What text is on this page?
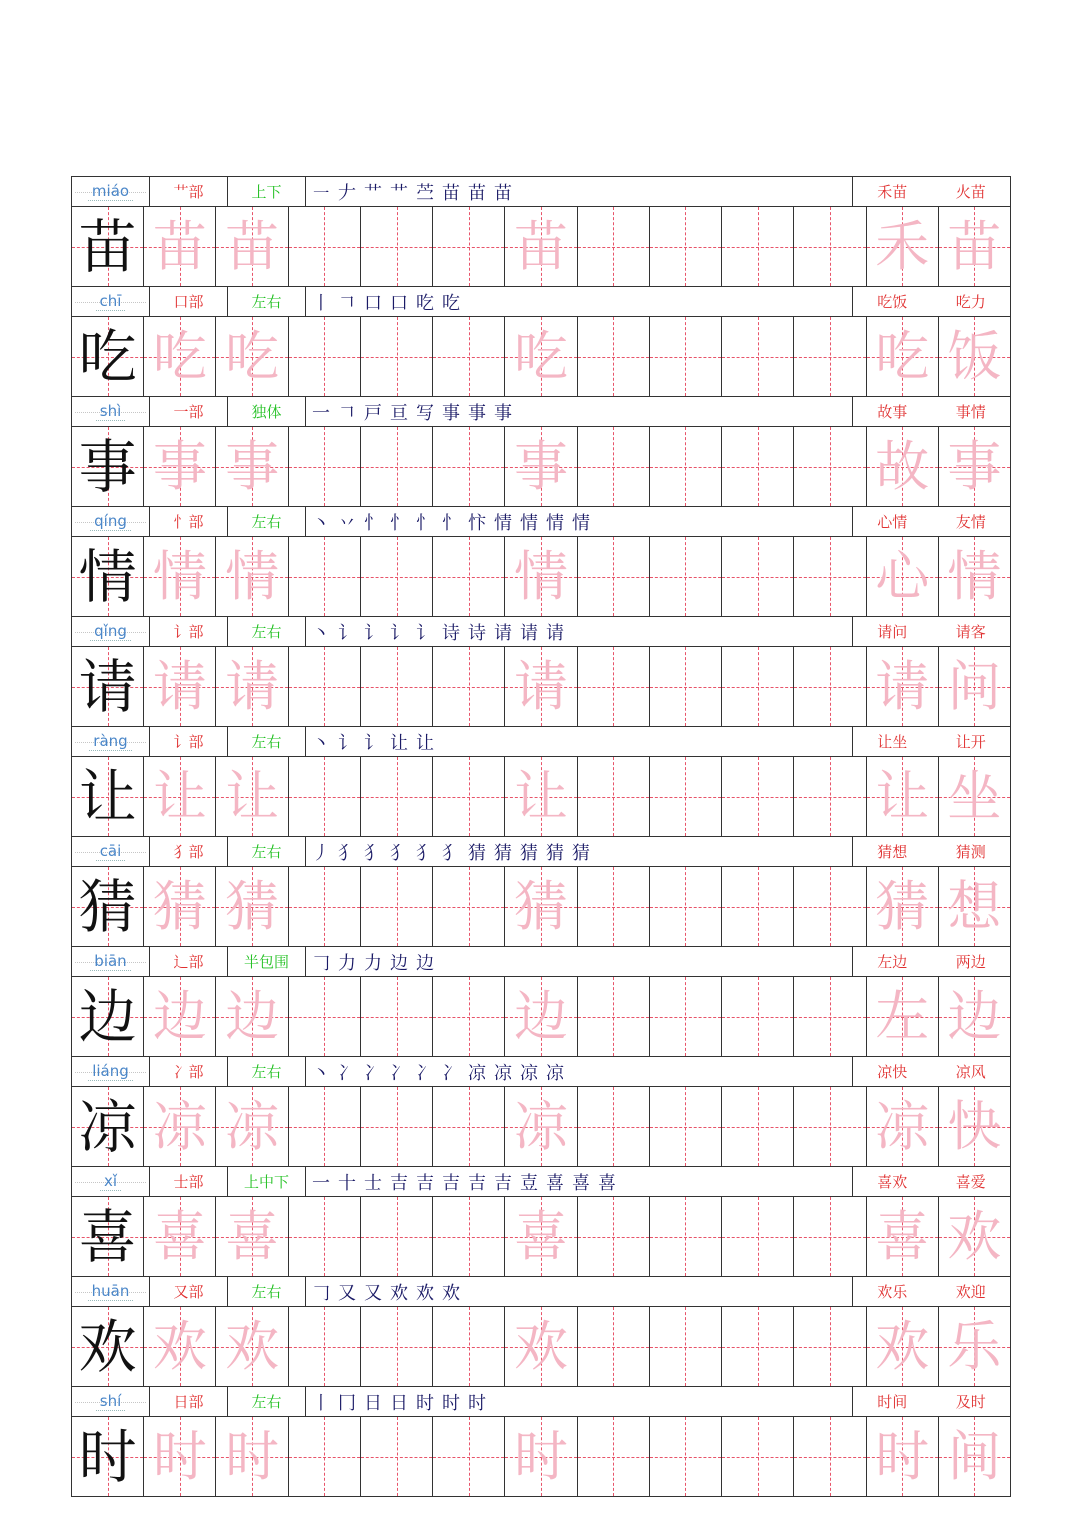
miáo	艹部	上下	㇐ 𠂇 艹 艹 苎 苗 苗 苗	禾苗	火苗
苗 苗 苗	苗	禾 苗
chī	口部	左右	丨 𠃍 口 口 吃 吃	吃饭	吃力
吃 吃 吃	吃	吃 饭
shì	一部	独体	一 𠃍 戸 亘 写 事 事 事	故事	事情
事 事 事	事	故 事
qíng	忄部	左右	丶 丷 忄 忄 忄 忄 忭 情 情 情 情	心情	友情
情 情 情	情	心 情
qǐng	讠部	左右	丶 讠 讠 讠 讠 诗 诗 请 请 请	请问	请客
请 请 请	请	请 问
ràng	讠部	左右	丶 讠 讠 让 让	让坐	让开
让 让 让	让	让 坐
cāi	犭部	左右	丿 犭 犭 犭 犭 犭 猜 猜 猜 猜 猜	猜想	猜测
猜 猜 猜	猜	猜 想
biān	辶部	半包围	𠃌 力 力 边 边	左边	两边
边 边 边	边	左 边
liáng	冫部	左右	丶 冫 冫 冫 冫 冫 凉 凉 凉 凉	凉快	凉风
凉 凉 凉	凉	凉 快
xǐ	士部	上中下	一 十 士 吉 吉 吉 吉 吉 壴 喜 喜 喜	喜欢	喜爱
喜 喜 喜	喜	喜 欢
huān	又部	左右	𠃌 又 又 欢 欢 欢	欢乐	欢迎
欢 欢 欢	欢	欢 乐
shí	日部	左右	丨 冂 日 日 时 时 时	时间	及时
时 时 时	时	时 间
